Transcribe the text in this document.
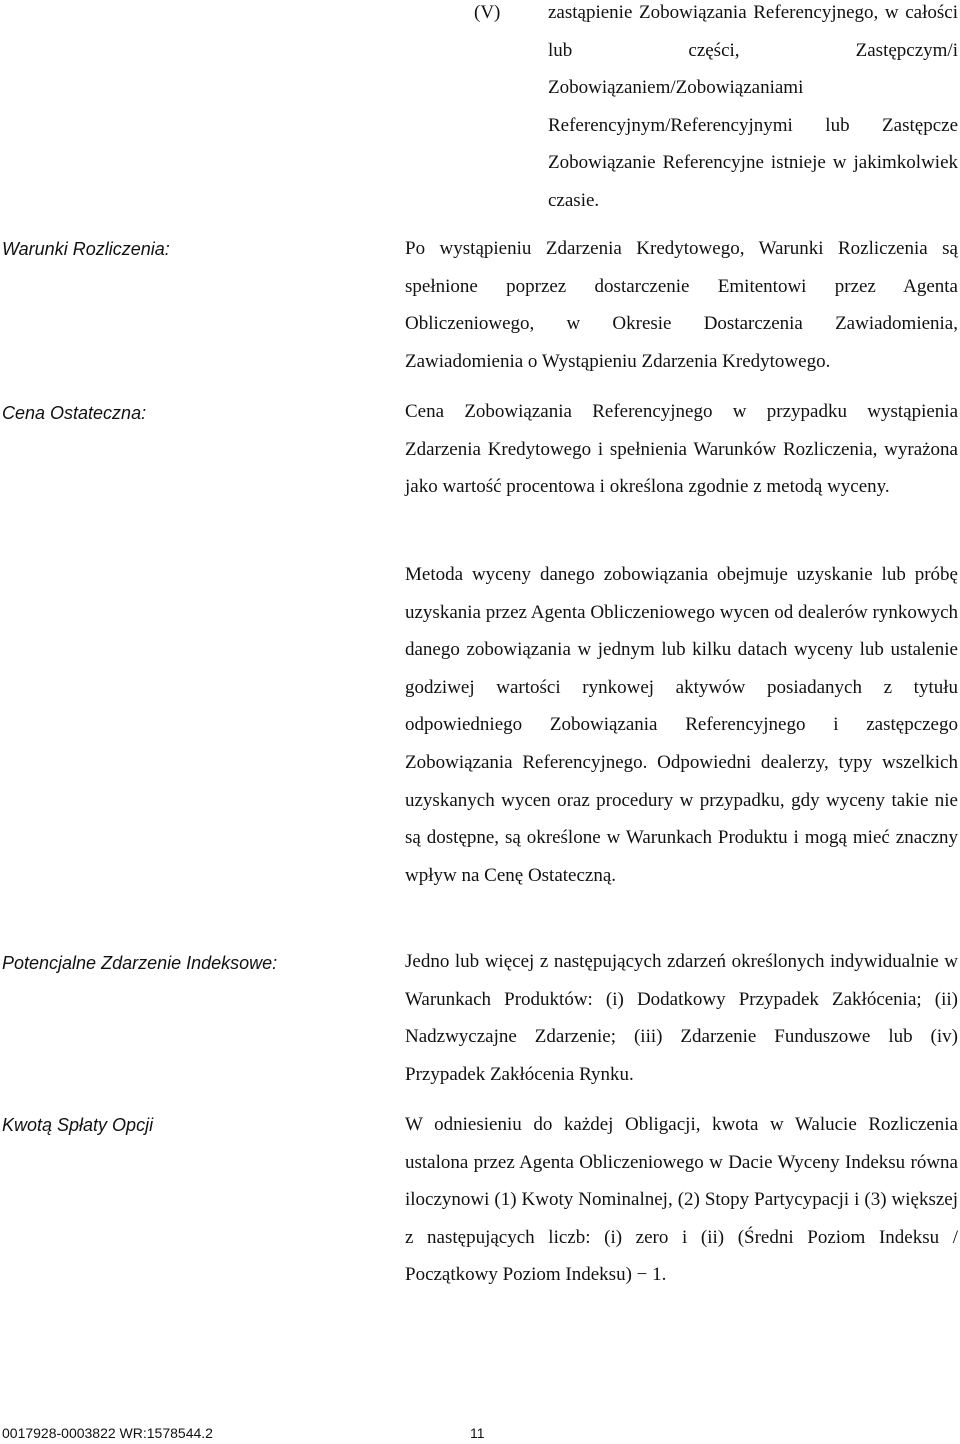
(V)	zastąpienie Zobowiązania Referencyjnego, w całości lub części, Zastępczym/i Zobowiązaniem/Zobowiązaniami Referencyjnym/Referencyjnymi lub Zastępcze Zobowiązanie Referencyjne istnieje w jakimkolwiek czasie.
Warunki Rozliczenia:	Po wystąpieniu Zdarzenia Kredytowego, Warunki Rozliczenia są spełnione poprzez dostarczenie Emitentowi przez Agenta Obliczeniowego, w Okresie Dostarczenia Zawiadomienia, Zawiadomienia o Wystąpieniu Zdarzenia Kredytowego.

Cena Ostateczna:	Cena Zobowiązania Referencyjnego w przypadku wystąpienia Zdarzenia Kredytowego i spełnienia Warunków Rozliczenia, wyrażona jako wartość procentowa i określona zgodnie z metodą wyceny.

Metoda wyceny danego zobowiązania obejmuje uzyskanie lub próbę uzyskania przez Agenta Obliczeniowego wycen od dealerów rynkowych danego zobowiązania w jednym lub kilku datach wyceny lub ustalenie godziwej wartości rynkowej aktywów posiadanych z tytułu odpowiedniego Zobowiązania Referencyjnego i zastępczego Zobowiązania Referencyjnego. Odpowiedni dealerzy, typy wszelkich uzyskanych wycen oraz procedury w przypadku, gdy wyceny takie nie są dostępne, są określone w Warunkach Produktu i mogą mieć znaczny wpływ na Cenę Ostateczną.

Potencjalne Zdarzenie Indeksowe:	Jedno lub więcej z następujących zdarzeń określonych indywidualnie w Warunkach Produktów: (i) Dodatkowy Przypadek Zakłócenia; (ii) Nadzwyczajne Zdarzenie; (iii) Zdarzenie Funduszowe lub (iv) Przypadek Zakłócenia Rynku.

Kwotą Spłaty Opcji	W odniesieniu do każdej Obligacji, kwota w Walucie Rozliczenia ustalona przez Agenta Obliczeniowego w Dacie Wyceny Indeksu równa iloczynowi (1) Kwoty Nominalnej, (2) Stopy Partycypacji i (3) większej z następujących liczb: (i) zero i (ii) (Średni Poziom Indeksu / Początkowy Poziom Indeksu) − 1.

0017928-0003822 WR:1578544.2	11
